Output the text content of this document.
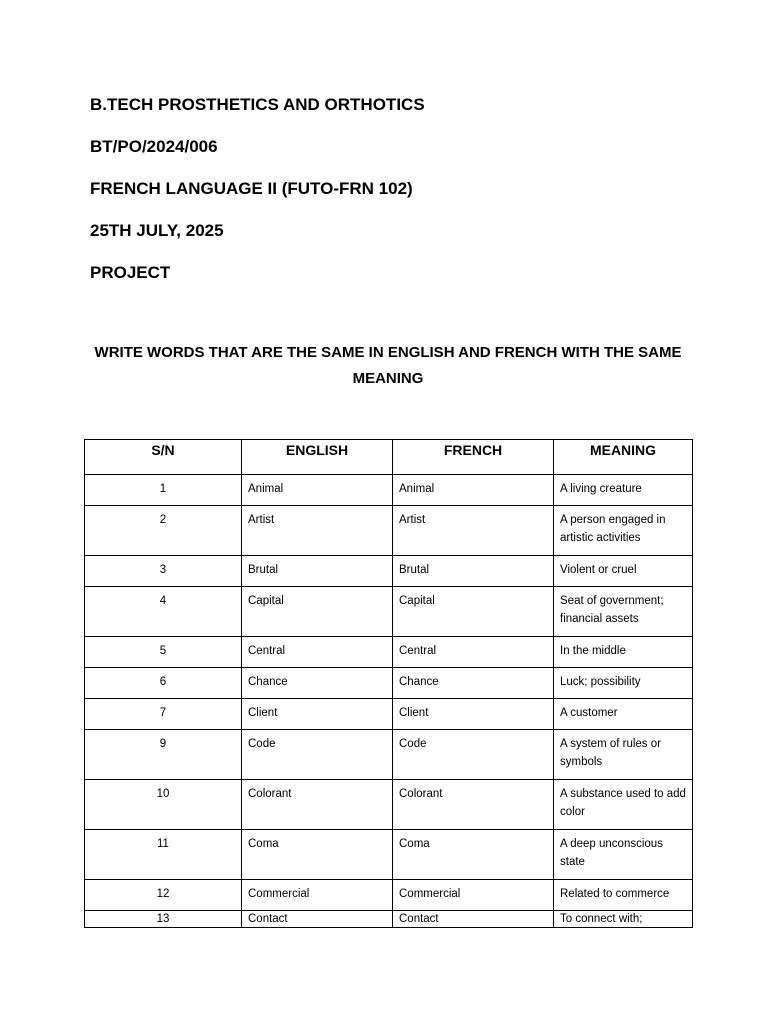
B.TECH PROSTHETICS AND ORTHOTICS

BT/PO/2024/006

FRENCH LANGUAGE II (FUTO-FRN 102)

25TH JULY, 2025

PROJECT

WRITE WORDS THAT ARE THE SAME IN ENGLISH AND FRENCH WITH THE SAME MEANING
S/N	ENGLISH	FRENCH	MEANING
1	Animal	Animal	A living creature
2	Artist	Artist	A person engaged in artistic activities
3	Brutal	Brutal	Violent or cruel
4	Capital	Capital	Seat of government; financial assets
5	Central	Central	In the middle
6	Chance	Chance	Luck; possibility
7	Client	Client	A customer
9	Code	Code	A system of rules or symbols
10	Colorant	Colorant	A substance used to add color
11	Coma	Coma	A deep unconscious state
12	Commercial	Commercial	Related to commerce
13	Contact	Contact	To connect with;
